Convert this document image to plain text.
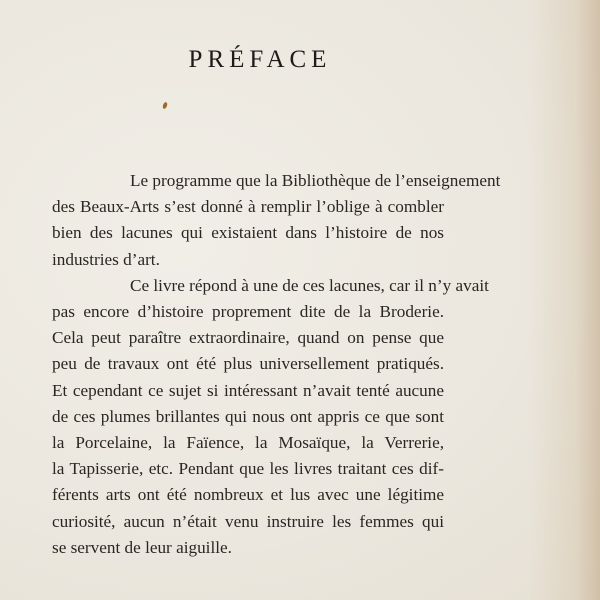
PRÉFACE
Le programme que la Bibliothèque de l’enseignement
des Beaux-Arts s’est donné à remplir l’oblige à combler
bien des lacunes qui existaient dans l’histoire de nos
industries d’art.
Ce livre répond à une de ces lacunes, car il n’y avait
pas encore d’histoire proprement dite de la Broderie.
Cela peut paraître extraordinaire, quand on pense que
peu de travaux ont été plus universellement pratiqués.
Et cependant ce sujet si intéressant n’avait tenté aucune
de ces plumes brillantes qui nous ont appris ce que sont
la Porcelaine, la Faïence, la Mosaïque, la Verrerie,
la Tapisserie, etc. Pendant que les livres traitant ces dif-
férents arts ont été nombreux et lus avec une légitime
curiosité, aucun n’était venu instruire les femmes qui
se servent de leur aiguille.
